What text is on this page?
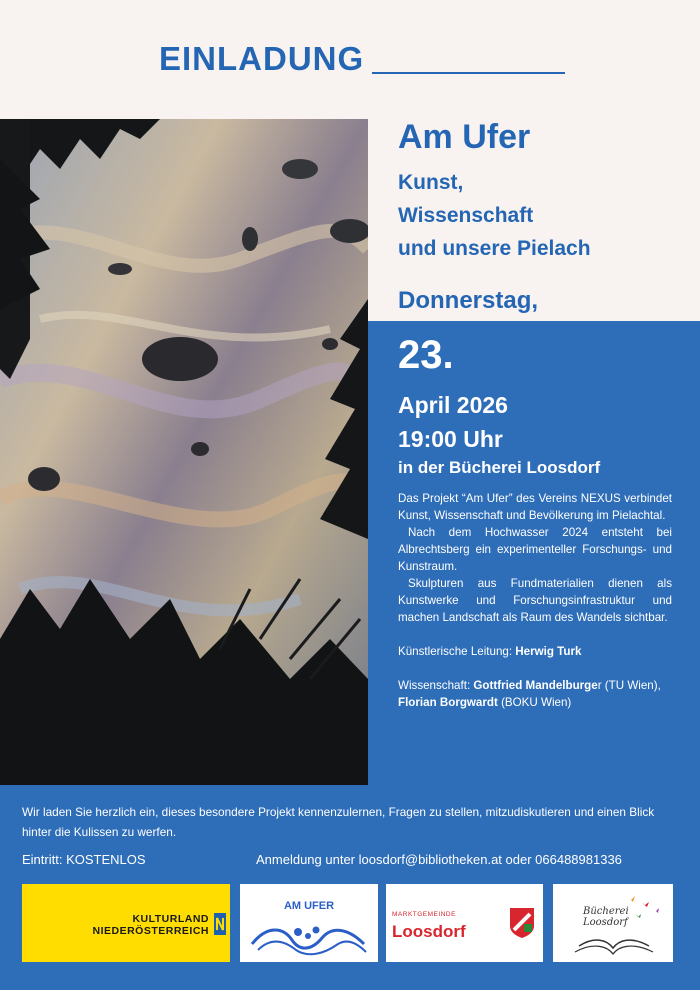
EINLADUNG
Am Ufer
Kunst,
Wissenschaft
und unsere Pielach
Donnerstag,
23.
April 2026
19:00 Uhr
in der Bücherei Loosdorf

Das Projekt “Am Ufer” des Vereins NEXUS verbindet Kunst, Wissenschaft und Bevölkerung im Pielachtal.

Nach dem Hochwasser 2024 entsteht bei Albrechtsberg ein experimenteller Forschungs- und Kunstraum.

Skulpturen aus Fundmaterialien dienen als Kunstwerke und Forschungsinfrastruktur und machen Landschaft als Raum des Wandels sichtbar.

Künstlerische Leitung: Herwig Turk

Wissenschaft: Gottfried Mandelburger (TU Wien), Florian Borgwardt (BOKU Wien)

Wir laden Sie herzlich ein, dieses besondere Projekt kennenzulernen, Fragen zu stellen, mitzudiskutieren und einen Blick hinter die Kulissen zu werfen.
Eintritt: KOSTENLOS	Anmeldung unter loosdorf@bibliotheken.at oder 066488981336
KULTURLAND
NIEDERÖSTERREICH
AM UFER
MARKTGEMEINDE
Loosdorf
Bücherei Loosdorf
